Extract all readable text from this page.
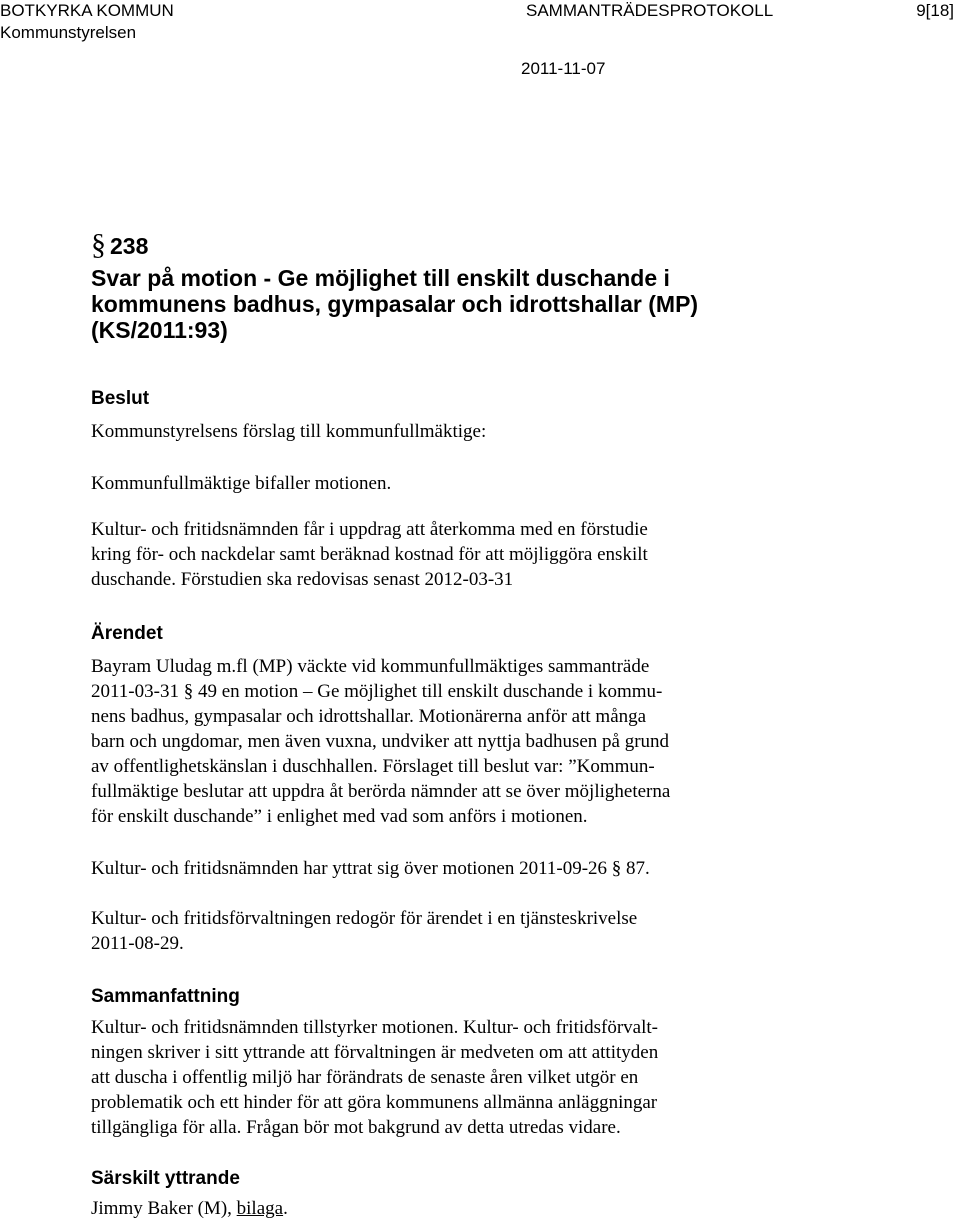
BOTKYRKA KOMMUN
Kommunstyrelsen
SAMMANTRÄDESPROTOKOLL	9[18]
2011-11-07
§ 238
Svar på motion - Ge möjlighet till enskilt duschande i
kommunens badhus, gympasalar och idrottshallar (MP)
(KS/2011:93)
Beslut

Kommunstyrelsens förslag till kommunfullmäktige:

Kommunfullmäktige bifaller motionen.

Kultur- och fritidsnämnden får i uppdrag att återkomma med en förstudie
kring för- och nackdelar samt beräknad kostnad för att möjliggöra enskilt
duschande. Förstudien ska redovisas senast 2012-03-31

Ärendet

Bayram Uludag m.fl (MP) väckte vid kommunfullmäktiges sammanträde
2011-03-31 § 49 en motion – Ge möjlighet till enskilt duschande i kommu-
nens badhus, gympasalar och idrottshallar. Motionärerna anför att många
barn och ungdomar, men även vuxna, undviker att nyttja badhusen på grund
av offentlighetskänslan i duschhallen. Förslaget till beslut var: ”Kommun-
fullmäktige beslutar att uppdra åt berörda nämnder att se över möjligheterna
för enskilt duschande” i enlighet med vad som anförs i motionen.

Kultur- och fritidsnämnden har yttrat sig över motionen 2011-09-26 § 87.

Kultur- och fritidsförvaltningen redogör för ärendet i en tjänsteskrivelse
2011-08-29.

Sammanfattning

Kultur- och fritidsnämnden tillstyrker motionen. Kultur- och fritidsförvalt-
ningen skriver i sitt yttrande att förvaltningen är medveten om att attityden
att duscha i offentlig miljö har förändrats de senaste åren vilket utgör en
problematik och ett hinder för att göra kommunens allmänna anläggningar
tillgängliga för alla. Frågan bör mot bakgrund av detta utredas vidare.

Särskilt yttrande

Jimmy Baker (M), bilaga.
